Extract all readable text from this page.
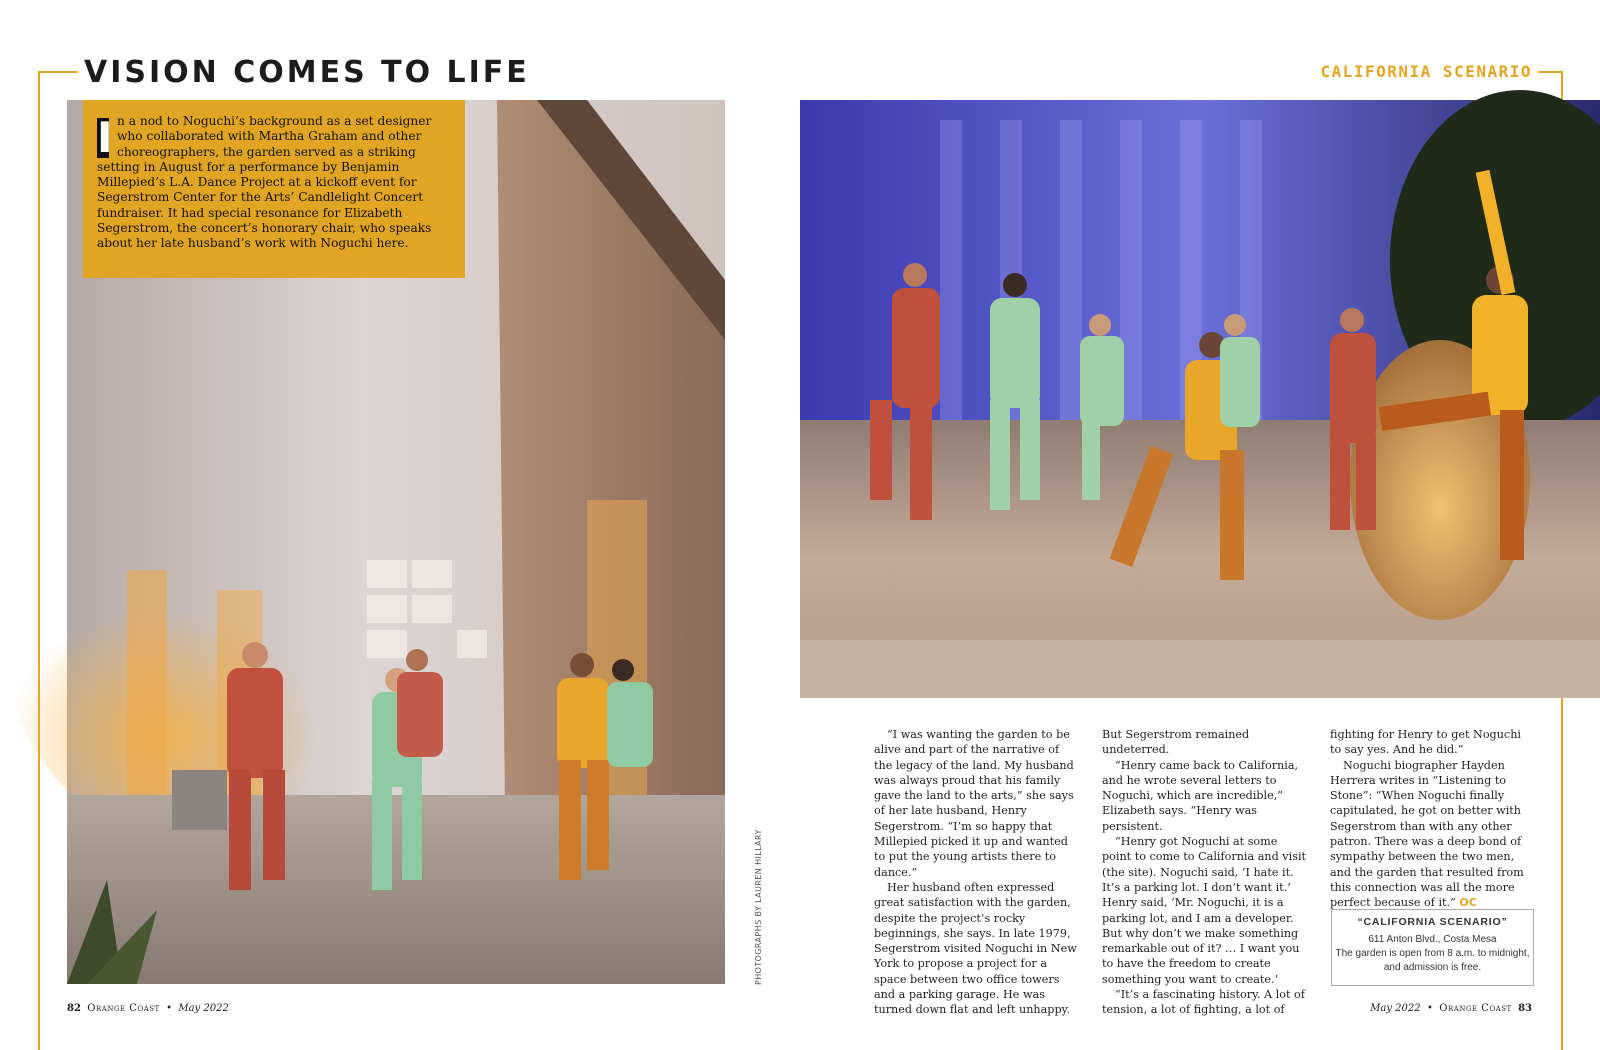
VISION COMES TO LIFE	CALIFORNIA SCENARIO
I n a nod to Noguchi’s background as a set designer who collaborated with Martha Graham and other choreographers, the garden served as a striking setting in August for a performance by Benjamin Millepied’s L.A. Dance Project at a kickoff event for Segerstrom Center for the Arts’ Candlelight Concert fundraiser. It had special resonance for Elizabeth Segerstrom, the concert’s honorary chair, who speaks about her late husband’s work with Noguchi here.
PHOTOGRAPHS BY LAUREN HILLARY

“I was wanting the garden to be alive and part of the narrative of the legacy of the land. My husband was always proud that his family gave the land to the arts,” she says of her late husband, Henry Segerstrom. “I’m so happy that Millepied picked it up and wanted to put the young artists there to dance.”

Her husband often expressed great satisfaction with the garden, despite the project’s rocky beginnings, she says. In late 1979, Segerstrom visited Noguchi in New York to propose a project for a space between two office towers and a parking garage. He was turned down flat and left unhappy.

But Segerstrom remained undeterred.

“Henry came back to California, and he wrote several letters to Noguchi, which are incredible,” Elizabeth says. “Henry was persistent.

“Henry got Noguchi at some point to come to California and visit (the site). Noguchi said, ‘I hate it. It’s a parking lot. I don’t want it.’ Henry said, ‘Mr. Noguchi, it is a parking lot, and I am a developer. But why don’t we make something remarkable out of it? … I want you to have the freedom to create something you want to create.’

“It’s a fascinating history. A lot of tension, a lot of fighting, a lot of

fighting for Henry to get Noguchi to say yes. And he did.”

Noguchi biographer Hayden Herrera writes in “Listening to Stone”: “When Noguchi finally capitulated, he got on better with Segerstrom than with any other patron. There was a deep bond of sympathy between the two men, and the garden that resulted from this connection was all the more perfect because of it.” OC

“CALIFORNIA SCENARIO”
611 Anton Blvd., Costa Mesa
The garden is open from 8 a.m. to midnight, and admission is free.
82 Orange Coast • May 2022	May 2022 • Orange Coast 83
